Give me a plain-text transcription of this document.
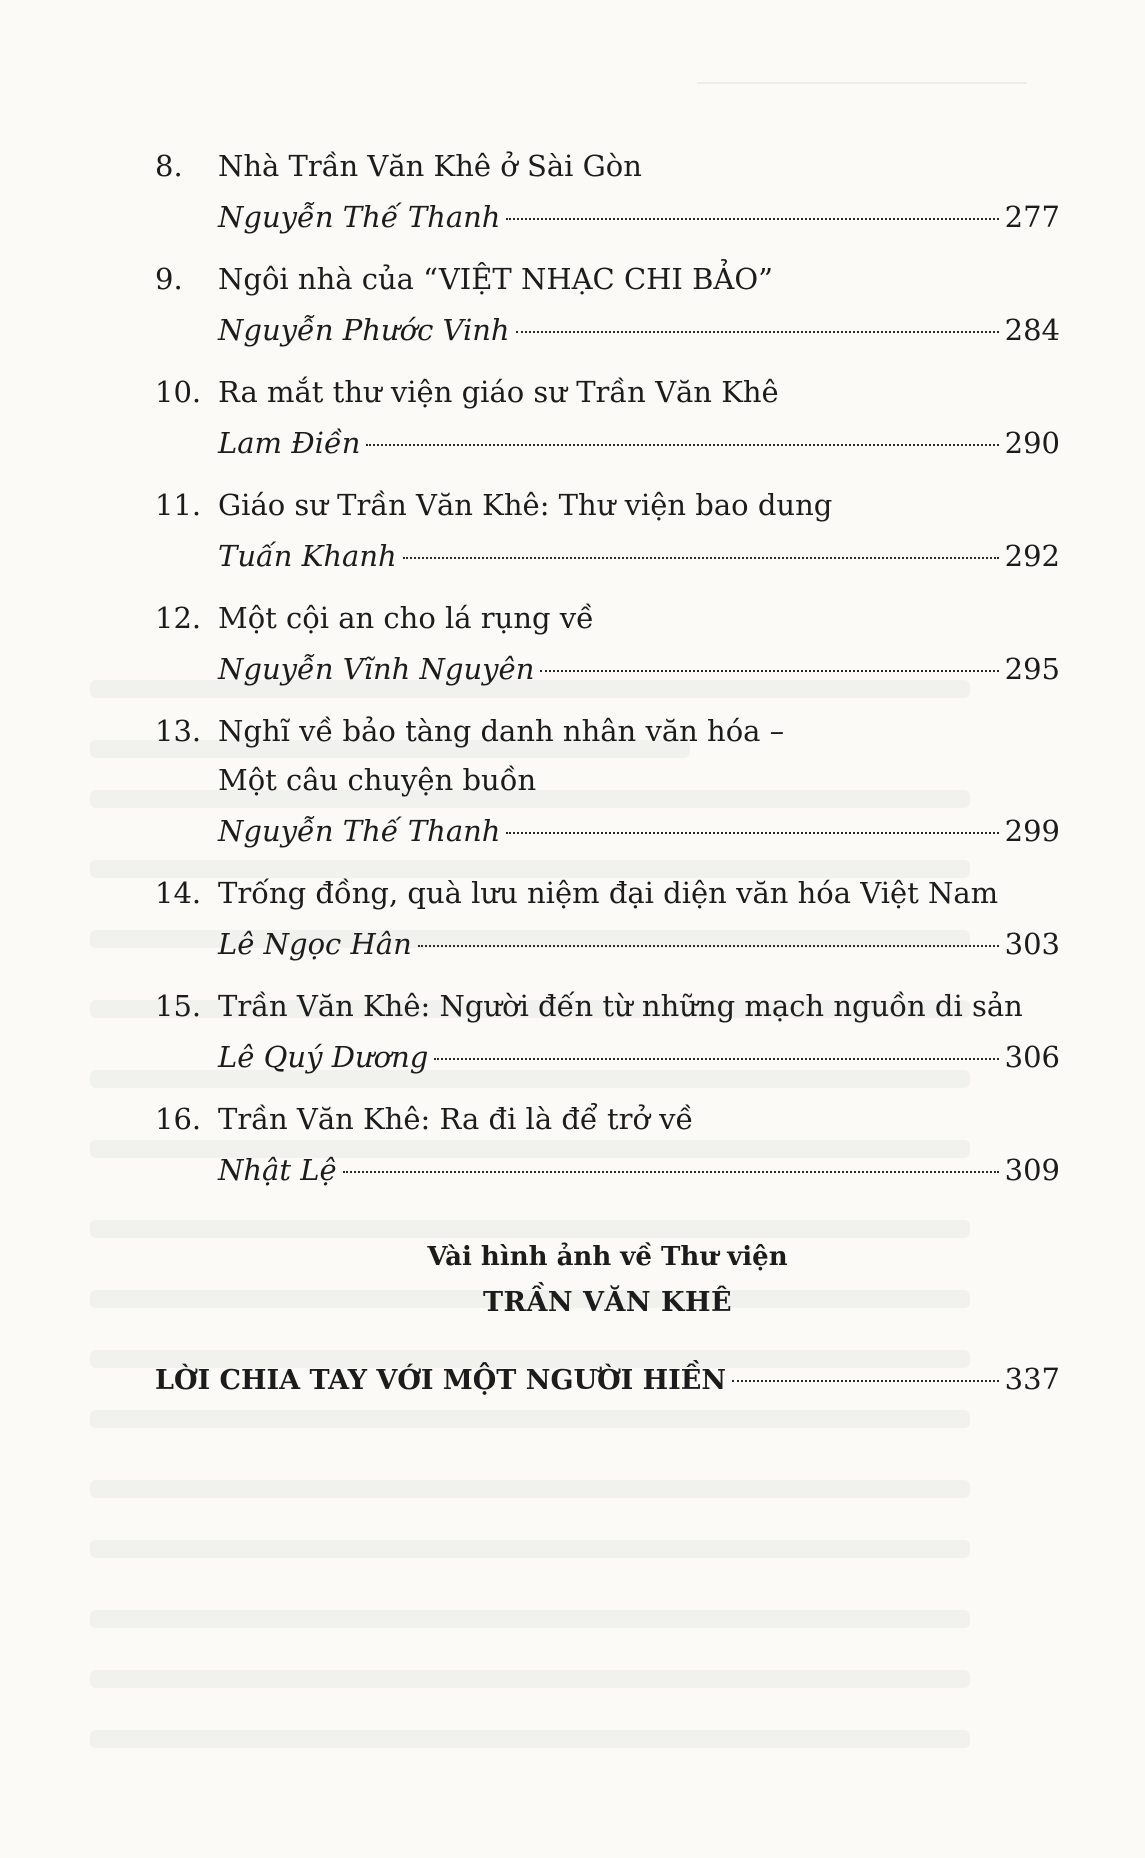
8. Nhà Trần Văn Khê ở Sài Gòn
Nguyễn Thế Thanh	277
9. Ngôi nhà của “VIỆT NHẠC CHI BẢO”
Nguyễn Phước Vinh	284
10. Ra mắt thư viện giáo sư Trần Văn Khê
Lam Điền	290
11. Giáo sư Trần Văn Khê: Thư viện bao dung
Tuấn Khanh	292
12. Một cội an cho lá rụng về
Nguyễn Vĩnh Nguyên	295
13. Nghĩ về bảo tàng danh nhân văn hóa –
Một câu chuyện buồn
Nguyễn Thế Thanh	299
14. Trống đồng, quà lưu niệm đại diện văn hóa Việt Nam
Lê Ngọc Hân	303
15. Trần Văn Khê: Người đến từ những mạch nguồn di sản
Lê Quý Dương	306
16. Trần Văn Khê: Ra đi là để trở về
Nhật Lệ	309
Vài hình ảnh về Thư viện
TRẦN VĂN KHÊ
LỜI CHIA TAY VỚI MỘT NGƯỜI HIỀN	337
